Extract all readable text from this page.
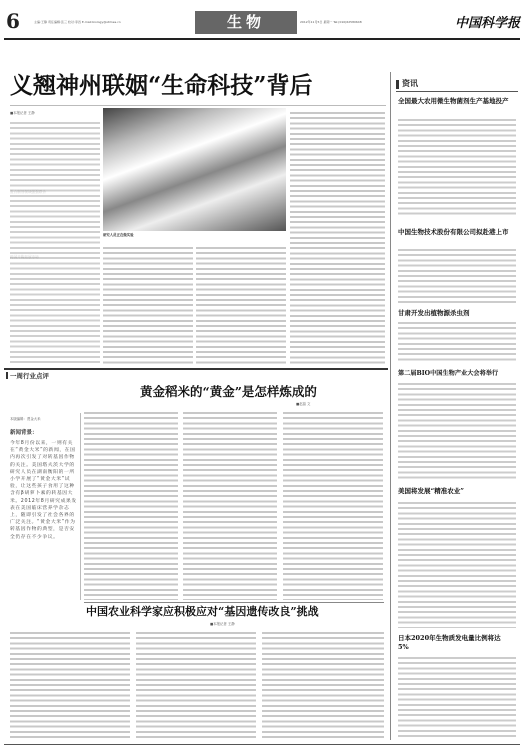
6	主编:王静 责任编辑:张三 校对:李四 E-mail:biology@stimes.cn	生物	2012年11月5日 星期一 Tel:(010)62580648	中国科学报
义翘神州联姻“生命科技”背后
■本报记者 王静
研究人员正在做实验
资讯
全国最大农用微生物菌剂生产基地投产
中国生物技术股份有限公司拟赴港上市
甘肃开发出植物源杀虫剂
第二届BIO中国生物产业大会将举行
美国将发展“精准农业”
日本2020年生物质发电量比例将达5%
一周行业点评
黄金稻米的“黄金”是怎样炼成的
■赵晶 文
本版编辑：贾金大米
新闻背景：
今年8月份以来，一则有关在“黄金大米”的新闻，在国内再次引发了对转基因作物的关注。美国塔夫茨大学的研究人员在湖南衡阳的一所小学开展了“黄金大米”试验，让这些孩子食用了这种含有β胡萝卜素的转基因大米。2012年8月研究成果发表在美国临床营养学杂志上，随即引发了社会各界的广泛关注。“黄金大米”作为转基因作物的典型，是否安全仍存在不少争议。
中国农业科学家应积极应对“基因遗传改良”挑战
■本报记者 王静
